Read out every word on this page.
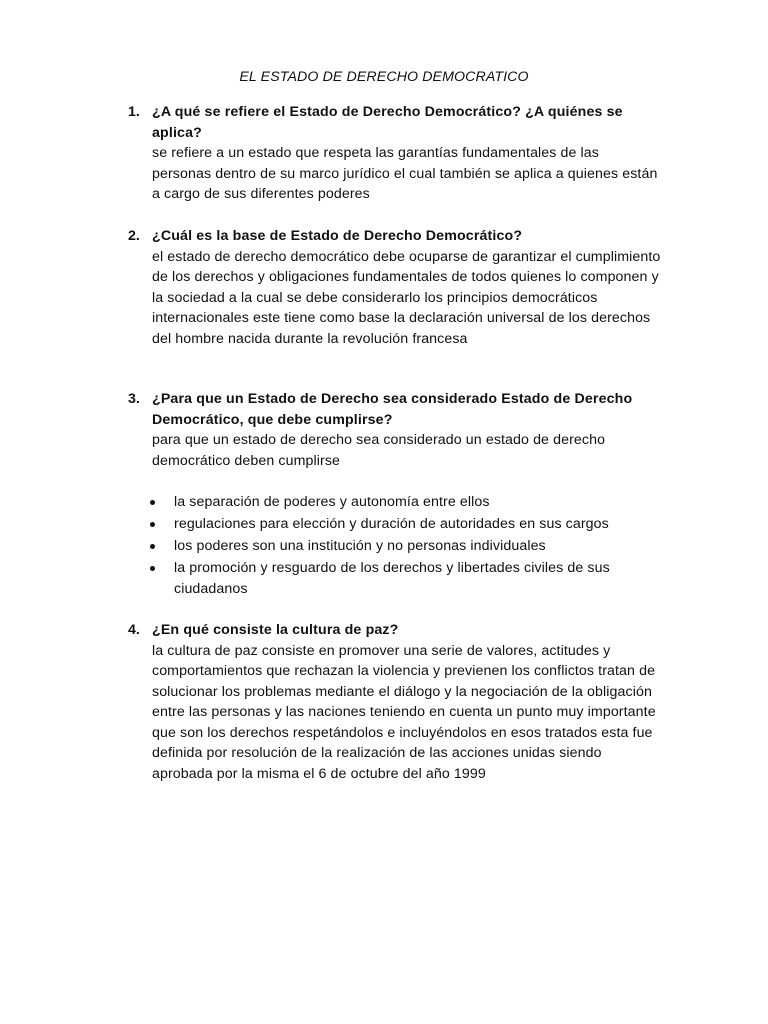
EL ESTADO DE DERECHO DEMOCRATICO
1. ¿A qué se refiere el Estado de Derecho Democrático? ¿A quiénes se aplica?
se refiere a un estado que respeta las garantías fundamentales de las personas dentro de su marco jurídico el cual también se aplica a quienes están a cargo de sus diferentes poderes
2. ¿Cuál es la base de Estado de Derecho Democrático?
el estado de derecho democrático debe ocuparse de garantizar el cumplimiento de los derechos y obligaciones fundamentales de todos quienes lo componen y la sociedad a la cual se debe considerarlo los principios democráticos internacionales este tiene como base la declaración universal de los derechos del hombre nacida durante la revolución francesa
3. ¿Para que un Estado de Derecho sea considerado Estado de Derecho Democrático, que debe cumplirse?
para que un estado de derecho sea considerado un estado de derecho democrático deben cumplirse
4. ¿En qué consiste la cultura de paz?
la cultura de paz consiste en promover una serie de valores, actitudes y comportamientos que rechazan la violencia y previenen los conflictos tratan de solucionar los problemas mediante el diálogo y la negociación de la obligación entre las personas y las naciones teniendo en cuenta un punto muy importante que son los derechos respetándolos e incluyéndolos en esos tratados esta fue definida por resolución de la realización de las acciones unidas siendo aprobada por la misma el 6 de octubre del año 1999
la separación de poderes y autonomía entre ellos
regulaciones para elección y duración de autoridades en sus cargos
los poderes son una institución y no personas individuales
la promoción y resguardo de los derechos y libertades civiles de sus ciudadanos
